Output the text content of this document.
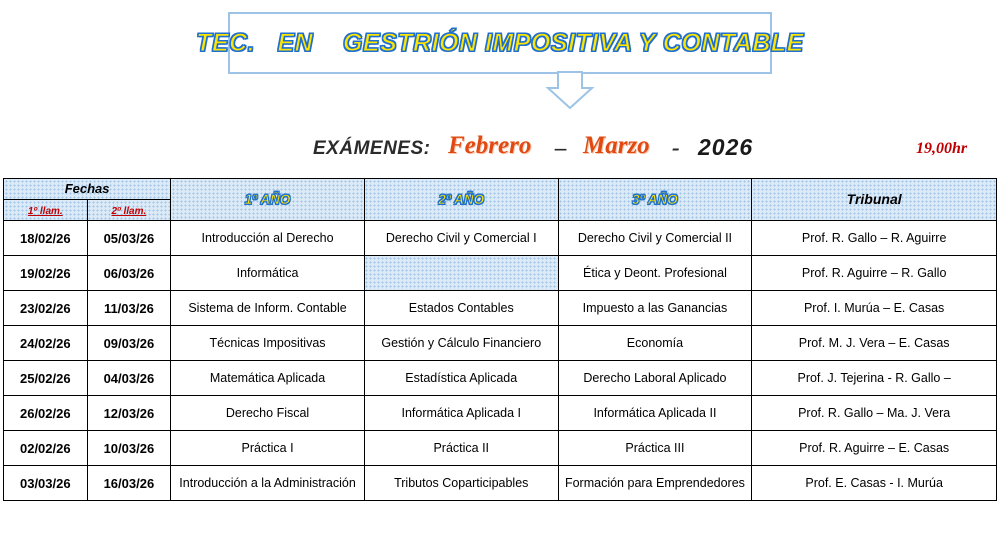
TEC.   EN    GESTRIÓN IMPOSITIVA Y CONTABLE
EXÁMENES: Febrero – Marzo - 2026	19,00hr
Fechas		1º AÑO	2º AÑO	3º AÑO	Tribunal
1º llam.	2º llam.				
18/02/26	05/03/26	Introducción al Derecho	Derecho Civil y Comercial I	Derecho Civil y Comercial II	Prof. R. Gallo – R. Aguirre
19/02/26	06/03/26	Informática		Ética y Deont. Profesional	Prof. R. Aguirre – R. Gallo
23/02/26	11/03/26	Sistema de Inform. Contable	Estados Contables	Impuesto a las Ganancias	Prof. I. Murúa – E. Casas
24/02/26	09/03/26	Técnicas Impositivas	Gestión y Cálculo Financiero	Economía	Prof. M. J. Vera – E. Casas
25/02/26	04/03/26	Matemática Aplicada	Estadística Aplicada	Derecho Laboral Aplicado	Prof. J. Tejerina - R. Gallo –
26/02/26	12/03/26	Derecho Fiscal	Informática Aplicada I	Informática Aplicada II	Prof. R. Gallo – Ma. J. Vera
02/02/26	10/03/26	Práctica I	Práctica II	Práctica III	Prof. R. Aguirre – E. Casas
03/03/26	16/03/26	Introducción a la Administración	Tributos Coparticipables	Formación para Emprendedores	Prof. E. Casas - I. Murúa
